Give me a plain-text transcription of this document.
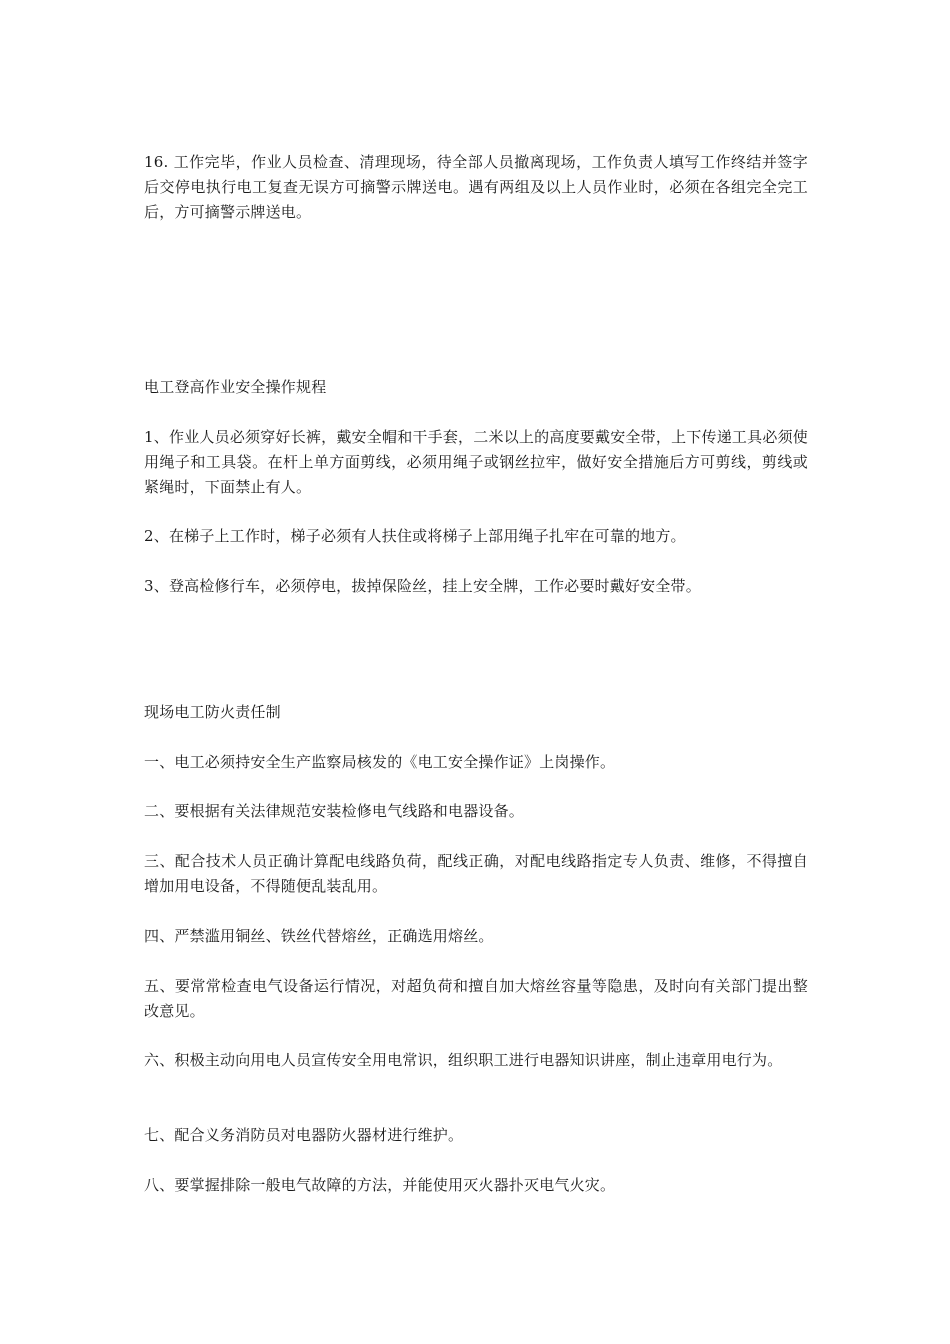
16. 工作完毕，作业人员检查、清理现场，待全部人员撤离现场，工作负责人填写工作终结并签字后交停电执行电工复查无误方可摘警示牌送电。遇有两组及以上人员作业时，必须在各组完全完工后，方可摘警示牌送电。

电工登高作业安全操作规程

1、作业人员必须穿好长裤，戴安全帽和干手套，二米以上的高度要戴安全带，上下传递工具必须使用绳子和工具袋。在杆上单方面剪线，必须用绳子或钢丝拉牢，做好安全措施后方可剪线，剪线或紧绳时，下面禁止有人。

2、在梯子上工作时，梯子必须有人扶住或将梯子上部用绳子扎牢在可靠的地方。

3、登高检修行车，必须停电，拔掉保险丝，挂上安全牌，工作必要时戴好安全带。

现场电工防火责任制

一、电工必须持安全生产监察局核发的《电工安全操作证》上岗操作。

二、要根据有关法律规范安装检修电气线路和电器设备。

三、配合技术人员正确计算配电线路负荷，配线正确，对配电线路指定专人负责、维修，不得擅自增加用电设备，不得随便乱装乱用。

四、严禁滥用铜丝、铁丝代替熔丝，正确选用熔丝。

五、要常常检查电气设备运行情况，对超负荷和擅自加大熔丝容量等隐患，及时向有关部门提出整改意见。

六、积极主动向用电人员宣传安全用电常识，组织职工进行电器知识讲座，制止违章用电行为。

七、配合义务消防员对电器防火器材进行维护。

八、要掌握排除一般电气故障的方法，并能使用灭火器扑灭电气火灾。
